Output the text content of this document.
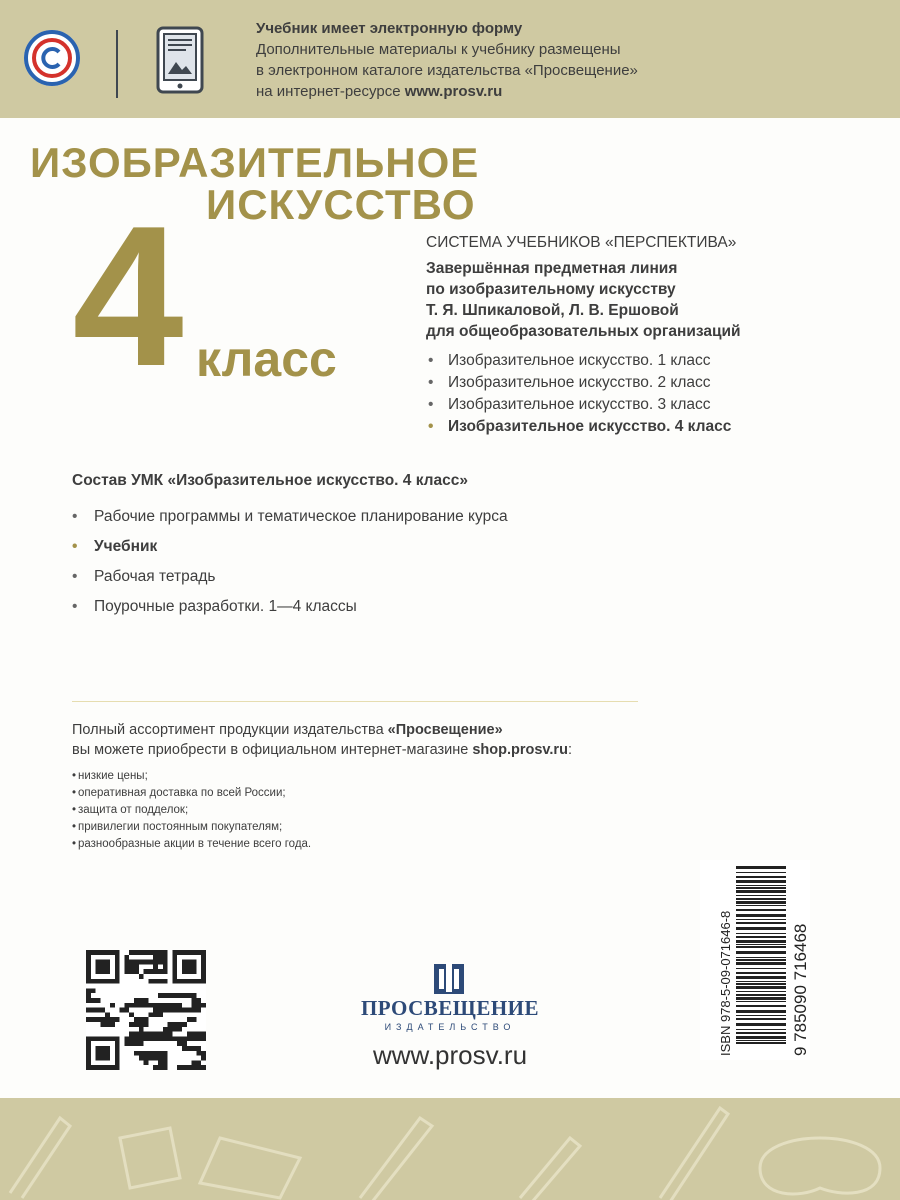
Учебник имеет электронную форму
Дополнительные материалы к учебнику размещены
в электронном каталоге издательства «Просвещение»
на интернет-ресурсе www.prosv.ru
ИЗОБРАЗИТЕЛЬНОЕ
ИСКУССТВО
4 класс
СИСТЕМА УЧЕБНИКОВ «ПЕРСПЕКТИВА»
Завершённая предметная линия
по изобразительному искусству
Т. Я. Шпикаловой, Л. В. Ершовой
для общеобразовательных организаций
• Изобразительное искусство. 1 класс
• Изобразительное искусство. 2 класс
• Изобразительное искусство. 3 класс
• Изобразительное искусство. 4 класс
Состав УМК «Изобразительное искусство. 4 класс»
• Рабочие программы и тематическое планирование курса
• Учебник
• Рабочая тетрадь
• Поурочные разработки. 1—4 классы
Полный ассортимент продукции издательства «Просвещение»
вы можете приобрести в официальном интернет-магазине shop.prosv.ru:
• низкие цены;
• оперативная доставка по всей России;
• защита от подделок;
• привилегии постоянным покупателям;
• разнообразные акции в течение всего года.
ISBN 978-5-09-071646-8	9 785090 716468
ПРОСВЕЩЕНИЕ
ИЗДАТЕЛЬСТВО
www.prosv.ru
